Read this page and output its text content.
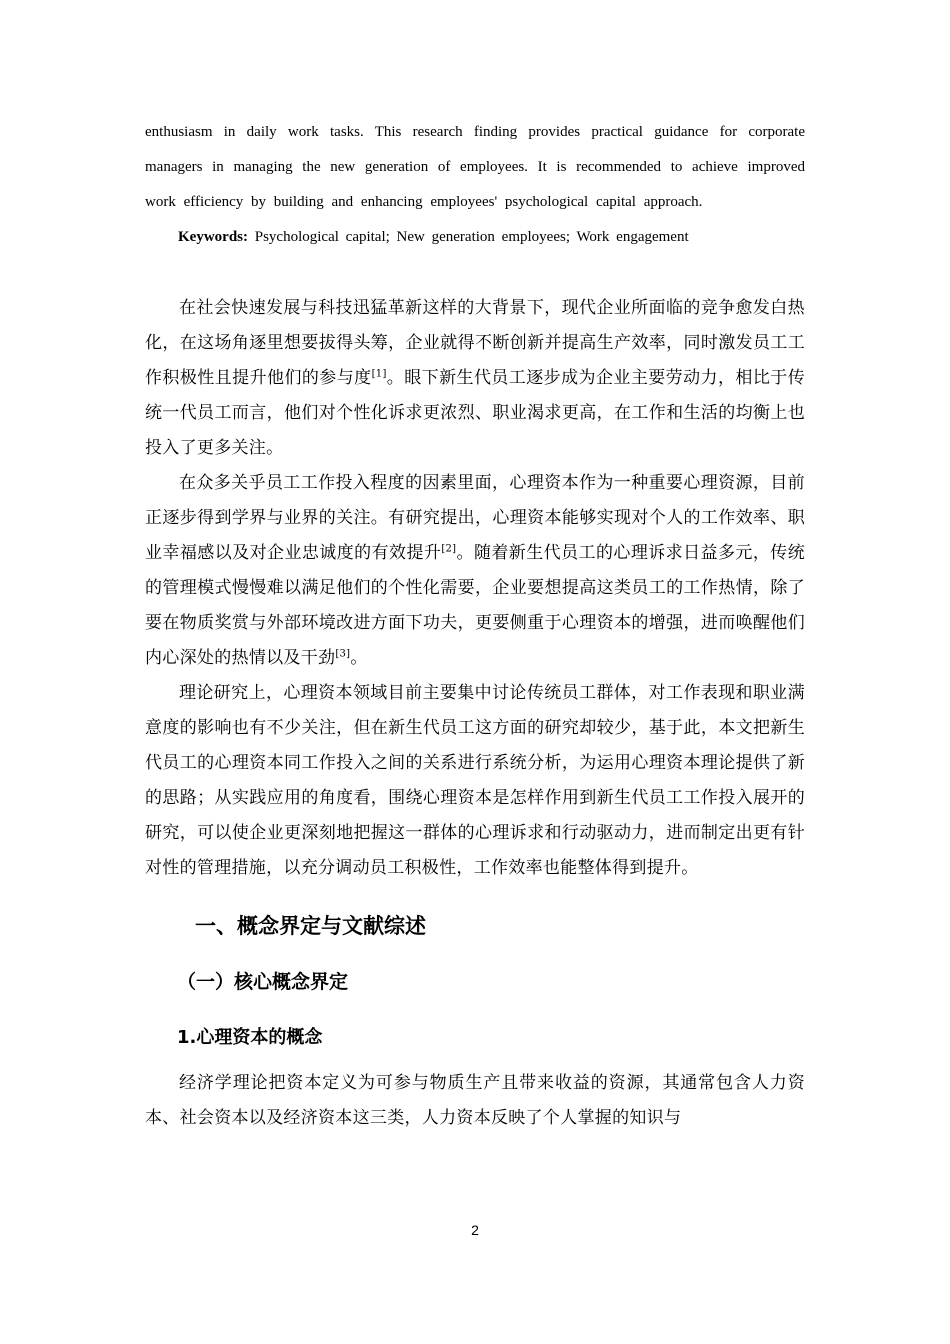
enthusiasm in daily work tasks. This research finding provides practical guidance for corporate managers in managing the new generation of employees. It is recommended to achieve improved work efficiency by building and enhancing employees' psychological capital approach.

Keywords: Psychological capital; New generation employees; Work engagement

在社会快速发展与科技迅猛革新这样的大背景下，现代企业所面临的竞争愈发白热化，在这场角逐里想要拔得头筹，企业就得不断创新并提高生产效率，同时激发员工工作积极性且提升他们的参与度[1]。眼下新生代员工逐步成为企业主要劳动力，相比于传统一代员工而言，他们对个性化诉求更浓烈、职业渴求更高，在工作和生活的均衡上也投入了更多关注。

在众多关乎员工工作投入程度的因素里面，心理资本作为一种重要心理资源，目前正逐步得到学界与业界的关注。有研究提出，心理资本能够实现对个人的工作效率、职业幸福感以及对企业忠诚度的有效提升[2]。随着新生代员工的心理诉求日益多元，传统的管理模式慢慢难以满足他们的个性化需要，企业要想提高这类员工的工作热情，除了要在物质奖赏与外部环境改进方面下功夫，更要侧重于心理资本的增强，进而唤醒他们内心深处的热情以及干劲[3]。

理论研究上，心理资本领域目前主要集中讨论传统员工群体，对工作表现和职业满意度的影响也有不少关注，但在新生代员工这方面的研究却较少，基于此，本文把新生代员工的心理资本同工作投入之间的关系进行系统分析，为运用心理资本理论提供了新的思路；从实践应用的角度看，围绕心理资本是怎样作用到新生代员工工作投入展开的研究，可以使企业更深刻地把握这一群体的心理诉求和行动驱动力，进而制定出更有针对性的管理措施，以充分调动员工积极性，工作效率也能整体得到提升。

一、概念界定与文献综述
（一）核心概念界定
1.心理资本的概念

经济学理论把资本定义为可参与物质生产且带来收益的资源，其通常包含人力资本、社会资本以及经济资本这三类，人力资本反映了个人掌握的知识与

2
